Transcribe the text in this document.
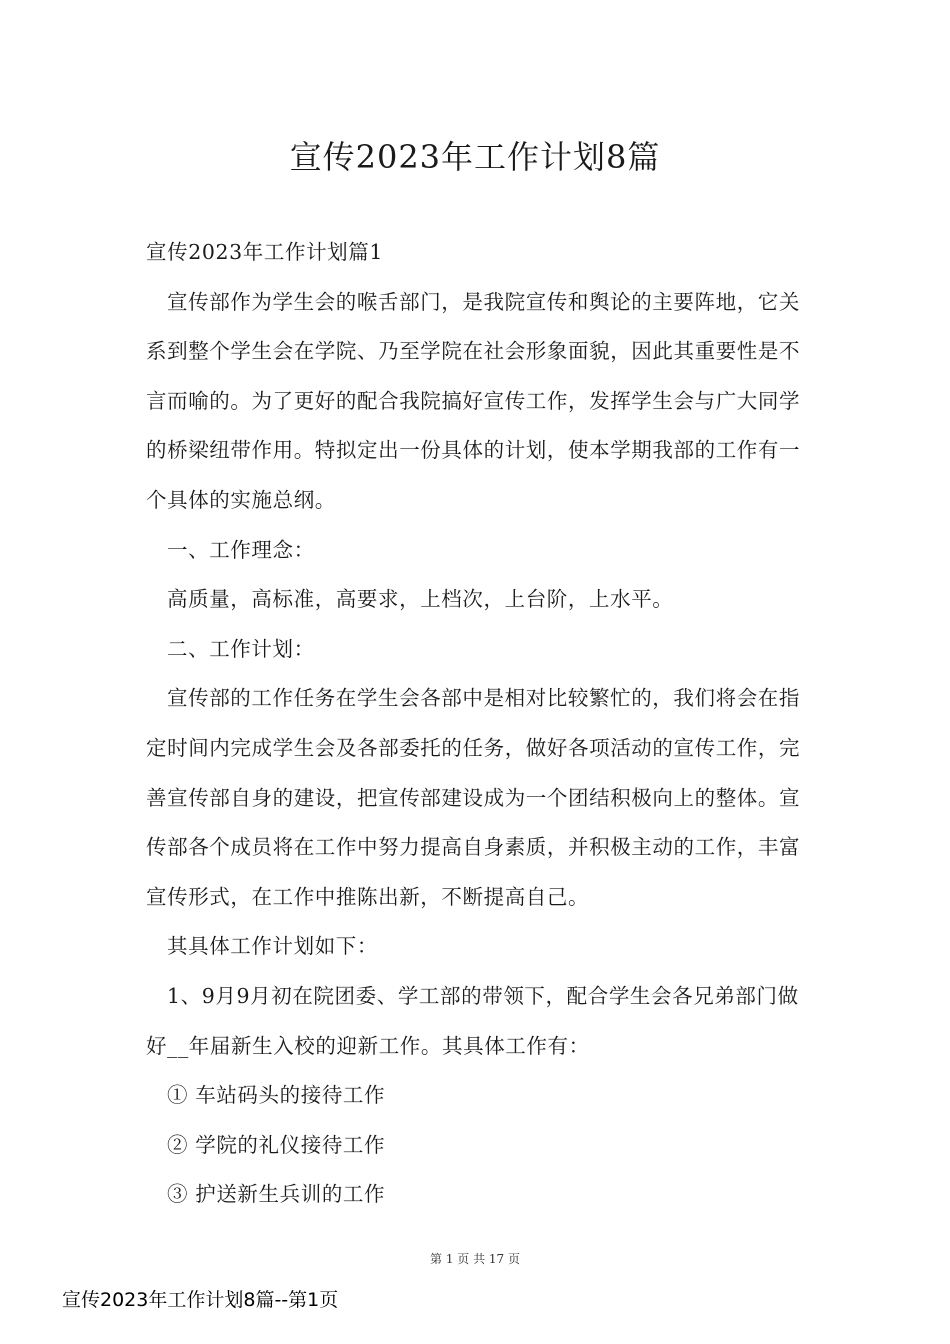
宣传2023年工作计划8篇

宣传2023年工作计划篇1

宣传部作为学生会的喉舌部门，是我院宣传和舆论的主要阵地，它关系到整个学生会在学院、乃至学院在社会形象面貌，因此其重要性是不言而喻的。为了更好的配合我院搞好宣传工作，发挥学生会与广大同学的桥梁纽带作用。特拟定出一份具体的计划，使本学期我部的工作有一个具体的实施总纲。

一、工作理念：

高质量，高标准，高要求，上档次，上台阶，上水平。

二、工作计划：

宣传部的工作任务在学生会各部中是相对比较繁忙的，我们将会在指定时间内完成学生会及各部委托的任务，做好各项活动的宣传工作，完善宣传部自身的建设，把宣传部建设成为一个团结积极向上的整体。宣传部各个成员将在工作中努力提高自身素质，并积极主动的工作，丰富宣传形式，在工作中推陈出新，不断提高自己。

其具体工作计划如下：

1、9月9月初在院团委、学工部的带领下，配合学生会各兄弟部门做好__年届新生入校的迎新工作。其具体工作有：

① 车站码头的接待工作

② 学院的礼仪接待工作

③ 护送新生兵训的工作

第 1 页 共 17 页
宣传2023年工作计划8篇--第1页
